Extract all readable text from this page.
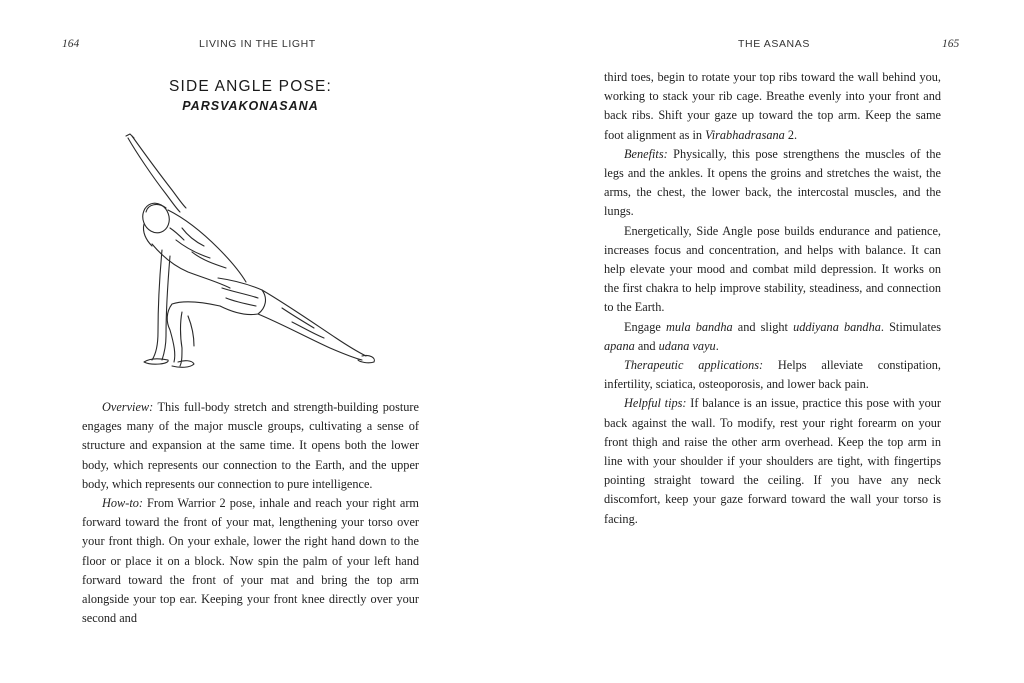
164	LIVING IN THE LIGHT
SIDE ANGLE POSE:
PARSVAKONASANA

Overview: This full-body stretch and strength-building posture engages many of the major muscle groups, cultivating a sense of structure and expansion at the same time. It opens both the lower body, which represents our connection to the Earth, and the upper body, which represents our connection to pure intelligence.

How-to: From Warrior 2 pose, inhale and reach your right arm forward toward the front of your mat, lengthening your torso over your front thigh. On your exhale, lower the right hand down to the floor or place it on a block. Now spin the palm of your left hand forward toward the front of your mat and bring the top arm alongside your top ear. Keeping your front knee directly over your second and

THE ASANAS	165

third toes, begin to rotate your top ribs toward the wall behind you, working to stack your rib cage. Breathe evenly into your front and back ribs. Shift your gaze up toward the top arm. Keep the same foot alignment as in Virabhadrasana 2.

Benefits: Physically, this pose strengthens the muscles of the legs and the ankles. It opens the groins and stretches the waist, the arms, the chest, the lower back, the intercostal muscles, and the lungs.

Energetically, Side Angle pose builds endurance and patience, increases focus and concentration, and helps with balance. It can help elevate your mood and combat mild depression. It works on the first chakra to help improve stability, steadiness, and connection to the Earth.

Engage mula bandha and slight uddiyana bandha. Stimulates apana and udana vayu.

Therapeutic applications: Helps alleviate constipation, infertility, sciatica, osteoporosis, and lower back pain.

Helpful tips: If balance is an issue, practice this pose with your back against the wall. To modify, rest your right forearm on your front thigh and raise the other arm overhead. Keep the top arm in line with your shoulder if your shoulders are tight, with fingertips pointing straight toward the ceiling. If you have any neck discomfort, keep your gaze forward toward the wall your torso is facing.
